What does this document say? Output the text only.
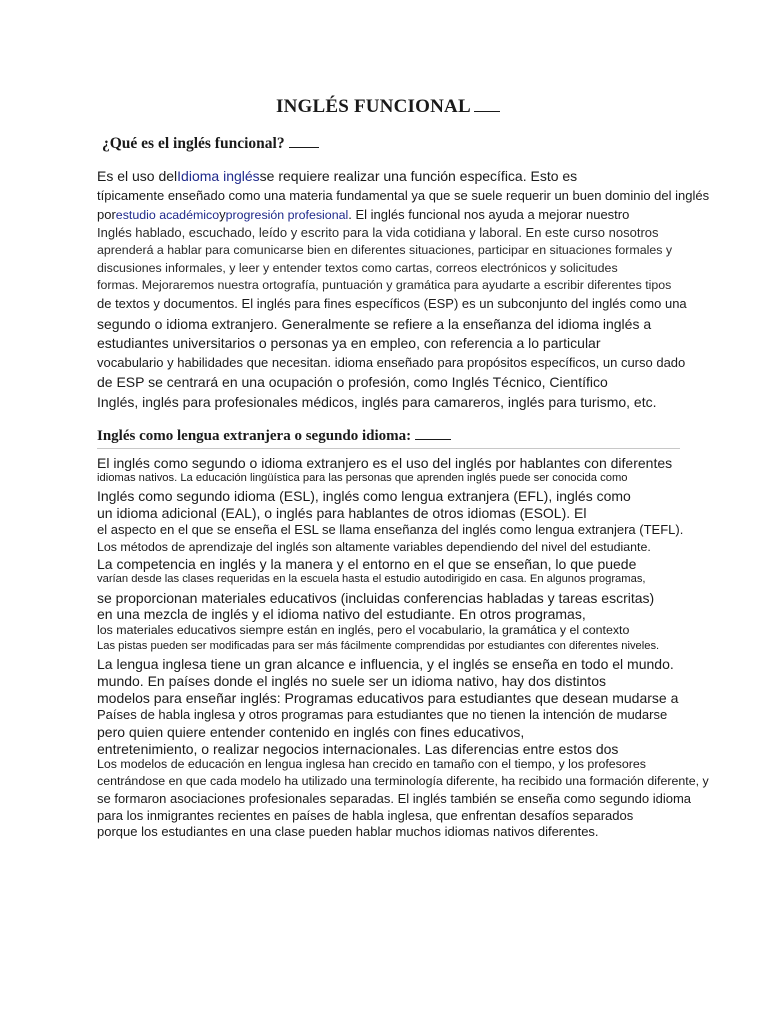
INGLÉS FUNCIONAL
¿Qué es el inglés funcional?

Es el uso delIdioma inglésse requiere realizar una función específica. Esto es

típicamente enseñado como una materia fundamental ya que se suele requerir un buen dominio del inglés

porestudio académicoyprogresión profesional. El inglés funcional nos ayuda a mejorar nuestro

Inglés hablado, escuchado, leído y escrito para la vida cotidiana y laboral. En este curso nosotros

aprenderá a hablar para comunicarse bien en diferentes situaciones, participar en situaciones formales y

discusiones informales, y leer y entender textos como cartas, correos electrónicos y solicitudes

formas. Mejoraremos nuestra ortografía, puntuación y gramática para ayudarte a escribir diferentes tipos

de textos y documentos. El inglés para fines específicos (ESP) es un subconjunto del inglés como una

segundo o idioma extranjero. Generalmente se refiere a la enseñanza del idioma inglés a

estudiantes universitarios o personas ya en empleo, con referencia a lo particular

vocabulario y habilidades que necesitan. idioma enseñado para propósitos específicos, un curso dado

de ESP se centrará en una ocupación o profesión, como Inglés Técnico, Científico

Inglés, inglés para profesionales médicos, inglés para camareros, inglés para turismo, etc.

Inglés como lengua extranjera o segundo idioma:

El inglés como segundo o idioma extranjero es el uso del inglés por hablantes con diferentes

idiomas nativos. La educación lingüística para las personas que aprenden inglés puede ser conocida como

Inglés como segundo idioma (ESL), inglés como lengua extranjera (EFL), inglés como

un idioma adicional (EAL), o inglés para hablantes de otros idiomas (ESOL). El

el aspecto en el que se enseña el ESL se llama enseñanza del inglés como lengua extranjera (TEFL).

Los métodos de aprendizaje del inglés son altamente variables dependiendo del nivel del estudiante.

La competencia en inglés y la manera y el entorno en el que se enseñan, lo que puede

varían desde las clases requeridas en la escuela hasta el estudio autodirigido en casa. En algunos programas,

se proporcionan materiales educativos (incluidas conferencias habladas y tareas escritas)

en una mezcla de inglés y el idioma nativo del estudiante. En otros programas,

los materiales educativos siempre están en inglés, pero el vocabulario, la gramática y el contexto

Las pistas pueden ser modificadas para ser más fácilmente comprendidas por estudiantes con diferentes niveles.

La lengua inglesa tiene un gran alcance e influencia, y el inglés se enseña en todo el mundo.

mundo. En países donde el inglés no suele ser un idioma nativo, hay dos distintos

modelos para enseñar inglés: Programas educativos para estudiantes que desean mudarse a

Países de habla inglesa y otros programas para estudiantes que no tienen la intención de mudarse

pero quien quiere entender contenido en inglés con fines educativos,

entretenimiento, o realizar negocios internacionales. Las diferencias entre estos dos

Los modelos de educación en lengua inglesa han crecido en tamaño con el tiempo, y los profesores

centrándose en que cada modelo ha utilizado una terminología diferente, ha recibido una formación diferente, y

se formaron asociaciones profesionales separadas. El inglés también se enseña como segundo idioma

para los inmigrantes recientes en países de habla inglesa, que enfrentan desafíos separados

porque los estudiantes en una clase pueden hablar muchos idiomas nativos diferentes.
